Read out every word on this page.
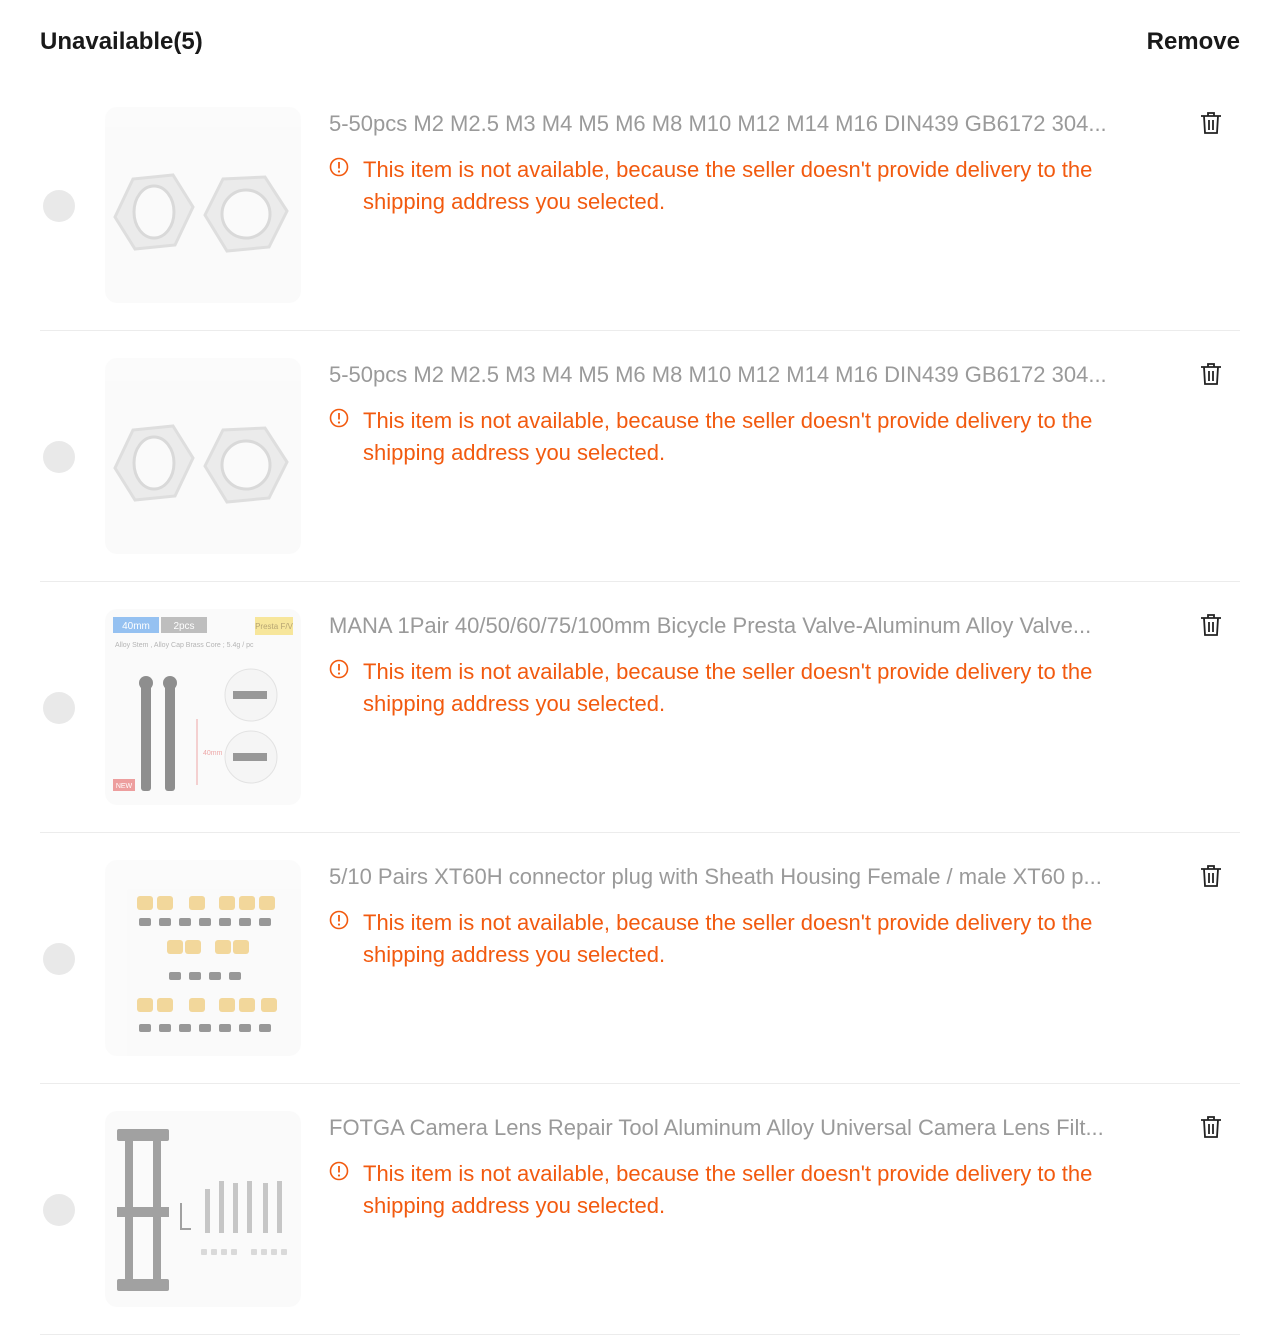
Unavailable(5)	Remove
5-50pcs M2 M2.5 M3 M4 M5 M6 M8 M10 M12 M14 M16 DIN439 GB6172 304...
This item is not available, because the seller doesn't provide delivery to the shipping address you selected.
5-50pcs M2 M2.5 M3 M4 M5 M6 M8 M10 M12 M14 M16 DIN439 GB6172 304...
This item is not available, because the seller doesn't provide delivery to the shipping address you selected.
40mm 2pcs	Presta F/V
Alloy Stem , Alloy Cap Brass Core ; 5.4g / pc
40mm
NEW
MANA 1Pair 40/50/60/75/100mm Bicycle Presta Valve-Aluminum Alloy Valve...
This item is not available, because the seller doesn't provide delivery to the shipping address you selected.
5/10 Pairs XT60H connector plug with Sheath Housing Female / male XT60 p...
This item is not available, because the seller doesn't provide delivery to the shipping address you selected.
FOTGA Camera Lens Repair Tool Aluminum Alloy Universal Camera Lens Filt...
This item is not available, because the seller doesn't provide delivery to the shipping address you selected.
